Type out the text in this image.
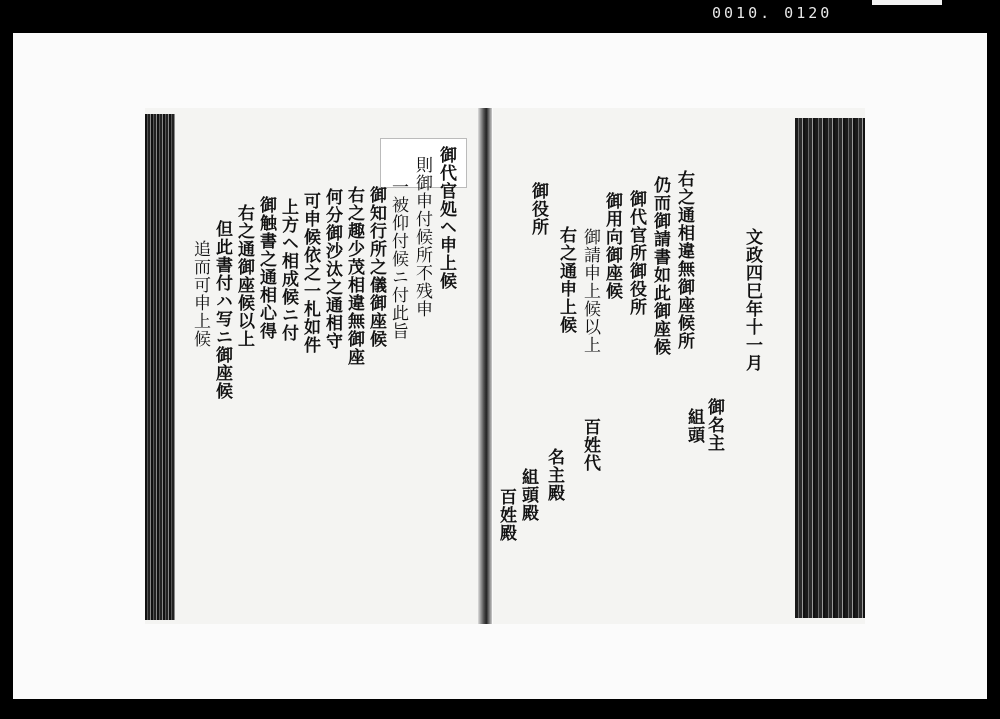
0010. 0120
御代官処ヘ申上候
則御申付候所不残申
一被仰付候ニ付此旨
御知行所之儀御座候
右之趣少茂相違無御座
何分御沙汰之通相守
可申候依之一札如件
上方ヘ相成候ニ付
御触書之通相心得
右之通御座候以上
但此書付ハ写ニ御座候
追而可申上候	文政四巳年十一月
右之通相違無御座候所
仍而御請書如此御座候
御代官所御役所
御用向御座候
御名主
組頭
百姓代
御請申上候以上
右之通申上候
御役所
名主殿
組頭殿
百姓殿
